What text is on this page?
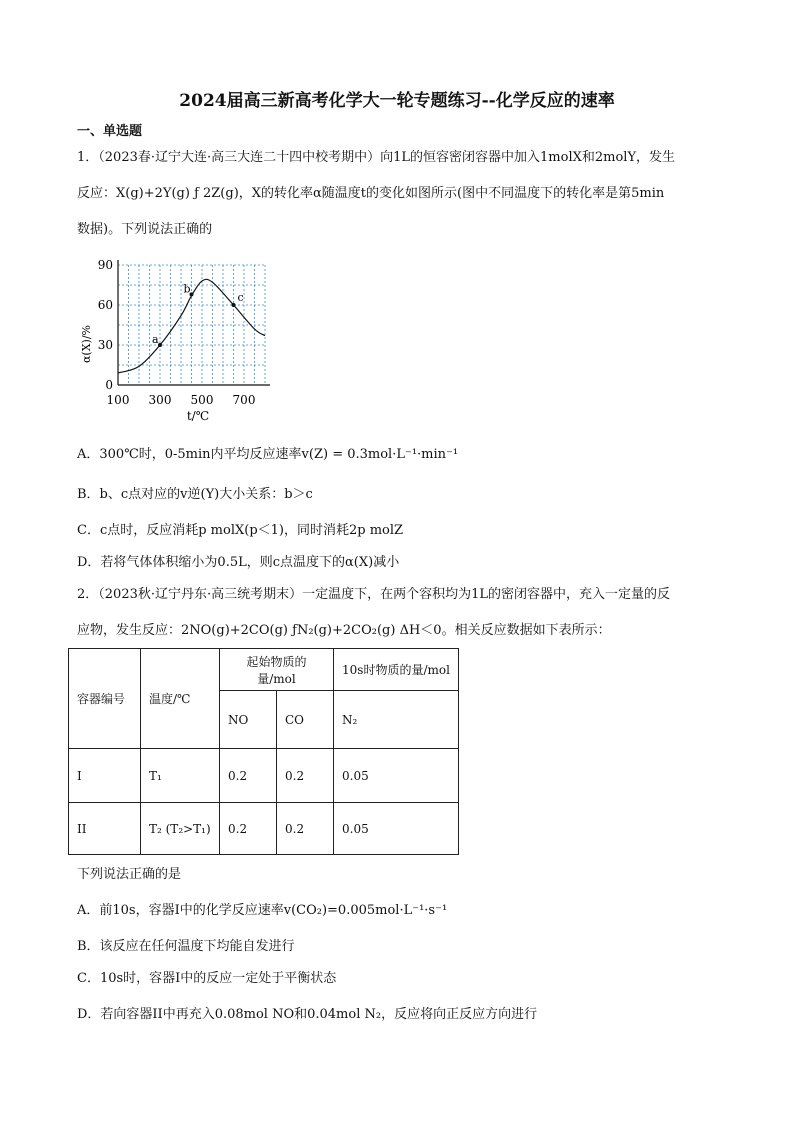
2024届高三新高考化学大一轮专题练习--化学反应的速率
一、单选题
1．（2023春·辽宁大连·高三大连二十四中校考期中）向1L的恒容密闭容器中加入1molX和2molY，发生
反应：X(g)+2Y(g) ƒ 2Z(g)，X的转化率α随温度t的变化如图所示(图中不同温度下的转化率是第5min
数据)。下列说法正确的
100 300 500 700
0
30
60
90
a
b
c
t/℃
α(X)/%
A．300℃时，0-5min内平均反应速率v(Z) = 0.3mol·L⁻¹·min⁻¹
B．b、c点对应的v逆(Y)大小关系：b＞c
C．c点时，反应消耗p molX(p＜1)，同时消耗2p molZ
D．若将气体体积缩小为0.5L，则c点温度下的α(X)减小
2．（2023秋·辽宁丹东·高三统考期末）一定温度下，在两个容积均为1L的密闭容器中，充入一定量的反
应物，发生反应：2NO(g)+2CO(g) ƒN₂(g)+2CO₂(g) ΔH＜0。相关反应数据如下表所示：
容器编号	温度/℃	起始物质的量/mol		10s时物质的量/mol
		NO	CO	N₂
I	T₁	0.2	0.2	0.05
II	T₂ (T₂>T₁)	0.2	0.2	0.05
下列说法正确的是
A．前10s，容器I中的化学反应速率v(CO₂)=0.005mol·L⁻¹·s⁻¹
B．该反应在任何温度下均能自发进行
C．10s时，容器I中的反应一定处于平衡状态
D．若向容器II中再充入0.08mol NO和0.04mol N₂，反应将向正反应方向进行
